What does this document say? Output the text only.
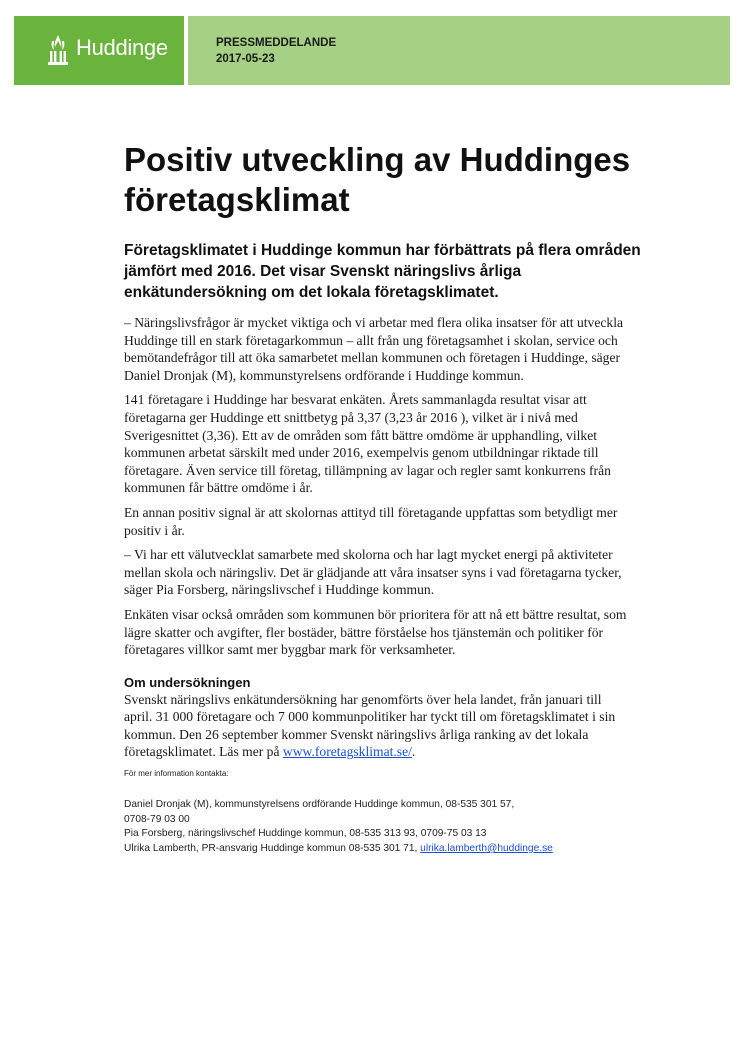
Huddinge	PRESSMEDDELANDE
2017-05-23
Positiv utveckling av Huddinges företagsklimat

Företagsklimatet i Huddinge kommun har förbättrats på flera områden jämfört med 2016. Det visar Svenskt näringslivs årliga enkätundersökning om det lokala företagsklimatet.

– Näringslivsfrågor är mycket viktiga och vi arbetar med flera olika insatser för att utveckla Huddinge till en stark företagarkommun – allt från ung företagsamhet i skolan, service och bemötandefrågor till att öka samarbetet mellan kommunen och företagen i Huddinge, säger Daniel Dronjak (M), kommunstyrelsens ordförande i Huddinge kommun.

141 företagare i Huddinge har besvarat enkäten. Årets sammanlagda resultat visar att företagarna ger Huddinge ett snittbetyg på 3,37 (3,23 år 2016 ), vilket är i nivå med Sverigesnittet (3,36). Ett av de områden som fått bättre omdöme är upphandling, vilket kommunen arbetat särskilt med under 2016, exempelvis genom utbildningar riktade till företagare. Även service till företag, tillämpning av lagar och regler samt konkurrens från kommunen får bättre omdöme i år.

En annan positiv signal är att skolornas attityd till företagande uppfattas som betydligt mer positiv i år.

– Vi har ett välutvecklat samarbete med skolorna och har lagt mycket energi på aktiviteter mellan skola och näringsliv. Det är glädjande att våra insatser syns i vad företagarna tycker, säger Pia Forsberg, näringslivschef i Huddinge kommun.

Enkäten visar också områden som kommunen bör prioritera för att nå ett bättre resultat, som lägre skatter och avgifter, fler bostäder, bättre förståelse hos tjänstemän och politiker för företagares villkor samt mer byggbar mark för verksamheter.

Om undersökningen

Svenskt näringslivs enkätundersökning har genomförts över hela landet, från januari till april. 31 000 företagare och 7 000 kommunpolitiker har tyckt till om företagsklimatet i sin kommun. Den 26 september kommer Svenskt näringslivs årliga ranking av det lokala företagsklimatet. Läs mer på www.foretagsklimat.se/.

För mer information kontakta:

Daniel Dronjak (M), kommunstyrelsens ordförande Huddinge kommun, 08-535 301 57,

0708-79 03 00

Pia Forsberg, näringslivschef Huddinge kommun, 08-535 313 93, 0709-75 03 13

Ulrika Lamberth, PR-ansvarig Huddinge kommun 08-535 301 71, ulrika.lamberth@huddinge.se
